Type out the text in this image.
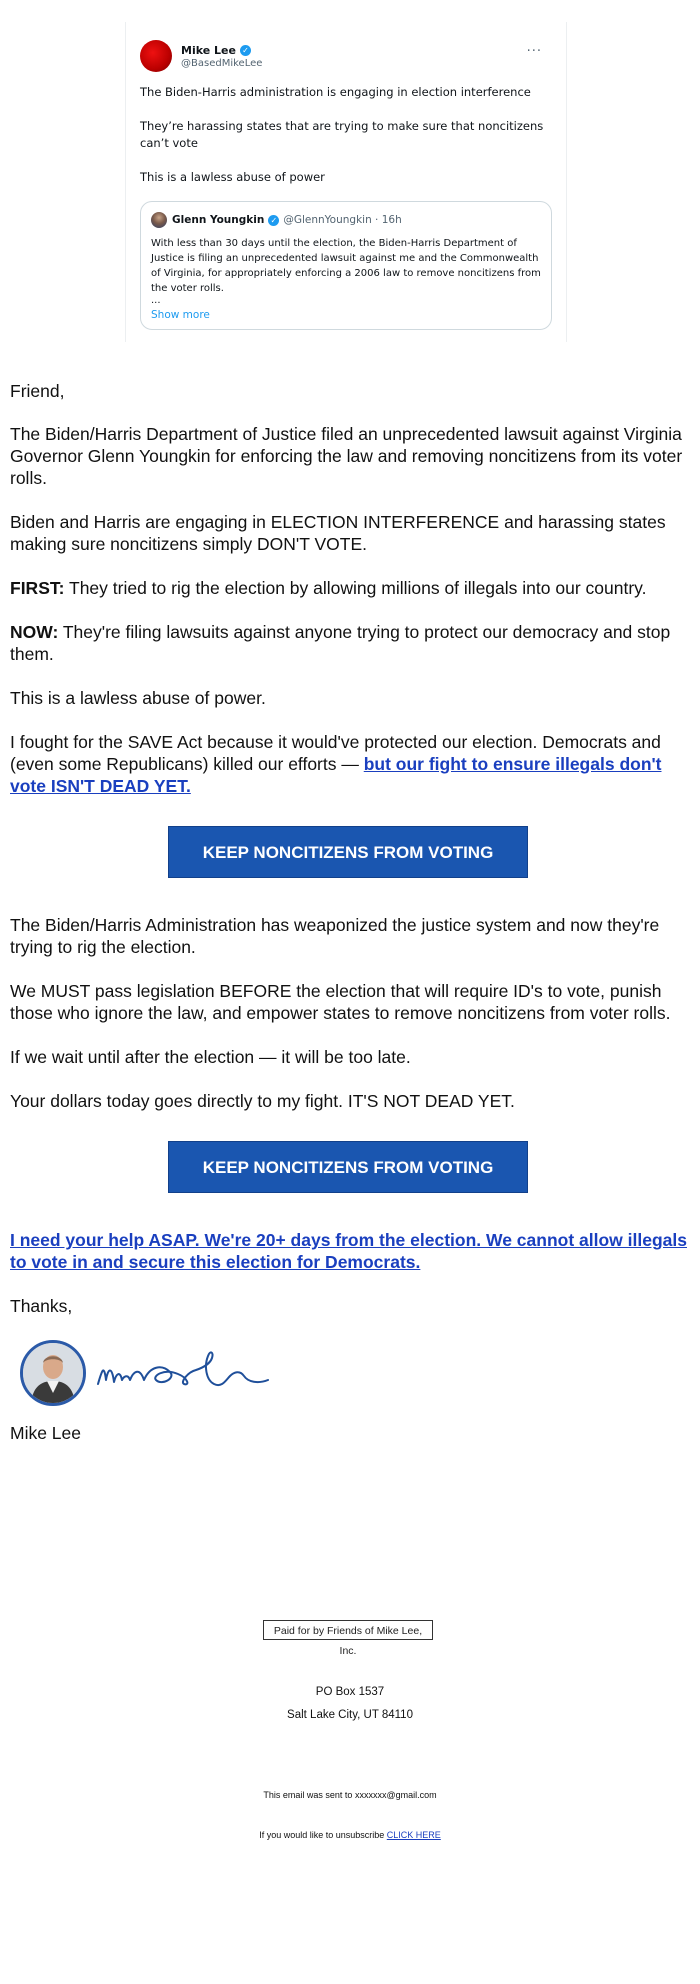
Mike Lee ✓
@BasedMikeLee
···

The Biden-Harris administration is engaging in election interference

They’re harassing states that are trying to make sure that noncitizens can’t vote

This is a lawless abuse of power

Glenn Youngkin ✓ @GlennYoungkin · 16h
With less than 30 days until the election, the Biden-Harris Department of Justice is filing an unprecedented lawsuit against me and the Commonwealth of Virginia, for appropriately enforcing a 2006 law to remove noncitizens from the voter rolls.
...
Show more
Friend,
The Biden/Harris Department of Justice filed an unprecedented lawsuit against Virginia Governor Glenn Youngkin for enforcing the law and removing noncitizens from its voter rolls.
Biden and Harris are engaging in ELECTION INTERFERENCE and harassing states making sure noncitizens simply DON'T VOTE.
FIRST: They tried to rig the election by allowing millions of illegals into our country.
NOW: They're filing lawsuits against anyone trying to protect our democracy and stop them.
This is a lawless abuse of power.
I fought for the SAVE Act because it would've protected our election. Democrats and (even some Republicans) killed our efforts — but our fight to ensure illegals don't vote ISN'T DEAD YET.
KEEP NONCITIZENS FROM VOTING
The Biden/Harris Administration has weaponized the justice system and now they're trying to rig the election.
We MUST pass legislation BEFORE the election that will require ID's to vote, punish those who ignore the law, and empower states to remove noncitizens from voter rolls.
If we wait until after the election — it will be too late.
Your dollars today goes directly to my fight. IT'S NOT DEAD YET.
KEEP NONCITIZENS FROM VOTING
I need your help ASAP. We're 20+ days from the election. We cannot allow illegals to vote in and secure this election for Democrats.
Thanks,
Mike Lee
Paid for by Friends of Mike Lee, Inc.
PO Box 1537
Salt Lake City, UT 84110
This email was sent to xxxxxxx@gmail.com
If you would like to unsubscribe CLICK HERE
